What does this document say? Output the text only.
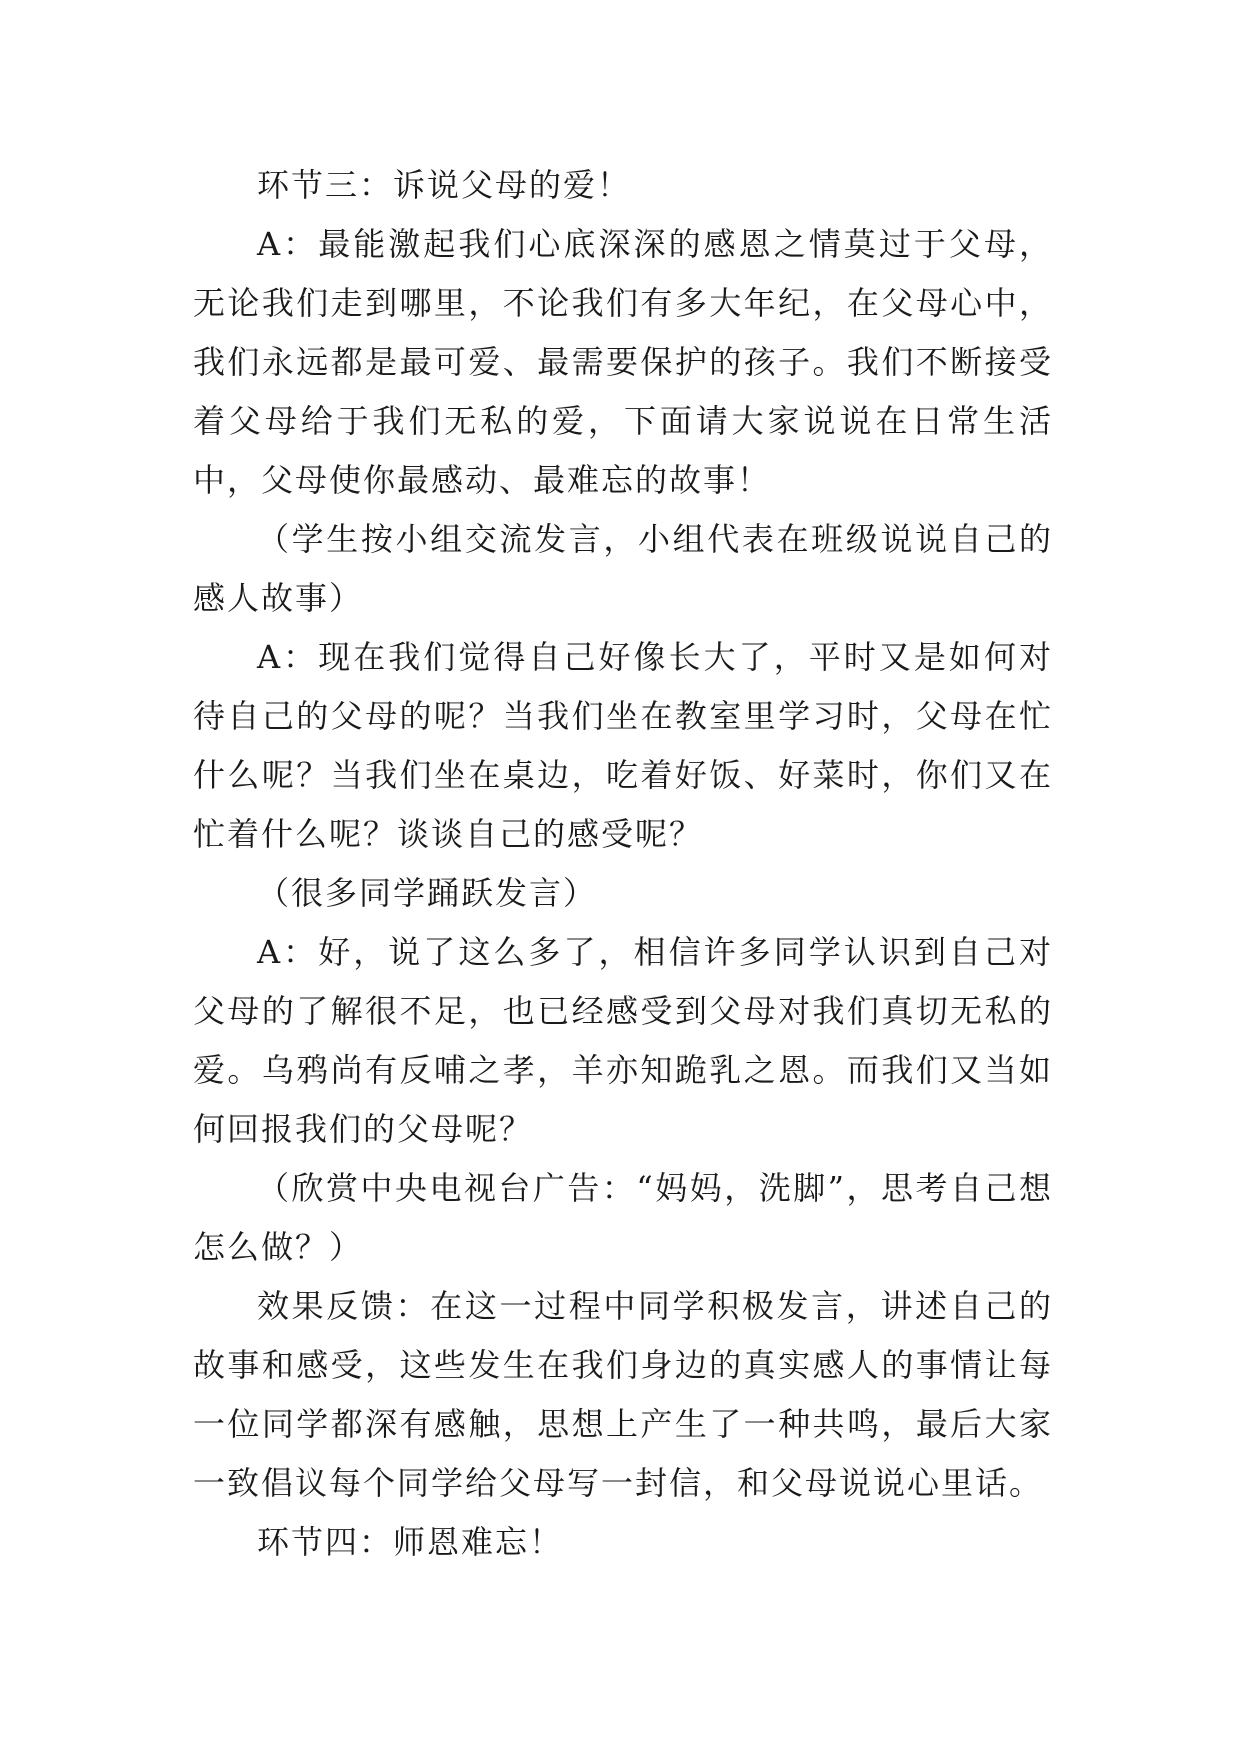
环节三：诉说父母的爱！

A：最能激起我们心底深深的感恩之情莫过于父母，无论我们走到哪里，不论我们有多大年纪，在父母心中，我们永远都是最可爱、最需要保护的孩子。我们不断接受着父母给于我们无私的爱，下面请大家说说在日常生活中，父母使你最感动、最难忘的故事！

（学生按小组交流发言，小组代表在班级说说自己的感人故事）

A：现在我们觉得自己好像长大了，平时又是如何对待自己的父母的呢？当我们坐在教室里学习时，父母在忙什么呢？当我们坐在桌边，吃着好饭、好菜时，你们又在忙着什么呢？谈谈自己的感受呢？

（很多同学踊跃发言）

A：好，说了这么多了，相信许多同学认识到自己对父母的了解很不足，也已经感受到父母对我们真切无私的爱。乌鸦尚有反哺之孝，羊亦知跪乳之恩。而我们又当如何回报我们的父母呢？

（欣赏中央电视台广告：“妈妈，洗脚”，思考自己想怎么做？）

效果反馈：在这一过程中同学积极发言，讲述自己的故事和感受，这些发生在我们身边的真实感人的事情让每一位同学都深有感触，思想上产生了一种共鸣，最后大家一致倡议每个同学给父母写一封信，和父母说说心里话。

环节四：师恩难忘！
